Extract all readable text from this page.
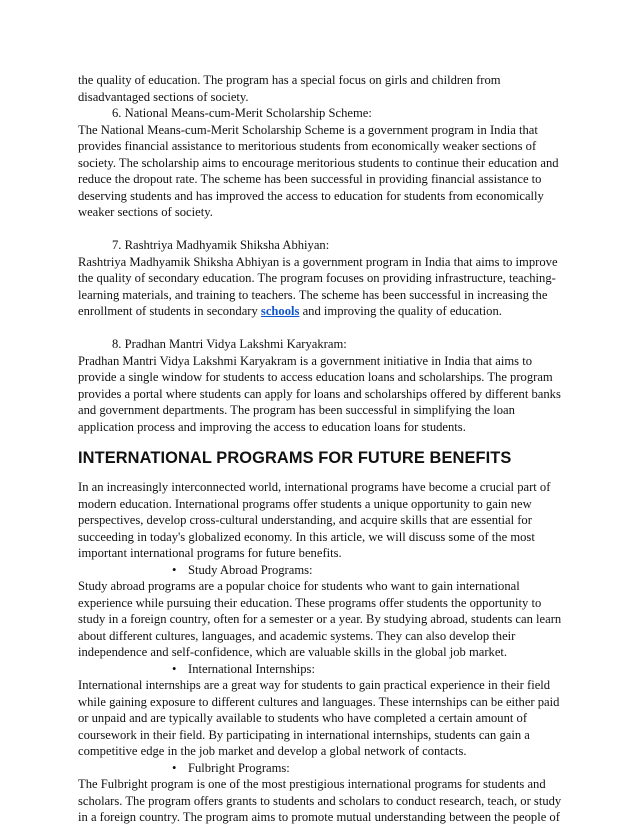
the quality of education. The program has a special focus on girls and children from

disadvantaged sections of society.

6. National Means-cum-Merit Scholarship Scheme:

The National Means-cum-Merit Scholarship Scheme is a government program in India that

provides financial assistance to meritorious students from economically weaker sections of

society. The scholarship aims to encourage meritorious students to continue their education and

reduce the dropout rate. The scheme has been successful in providing financial assistance to

deserving students and has improved the access to education for students from economically

weaker sections of society.

7. Rashtriya Madhyamik Shiksha Abhiyan:

Rashtriya Madhyamik Shiksha Abhiyan is a government program in India that aims to improve

the quality of secondary education. The program focuses on providing infrastructure, teaching-

learning materials, and training to teachers. The scheme has been successful in increasing the

enrollment of students in secondary schools and improving the quality of education.

8. Pradhan Mantri Vidya Lakshmi Karyakram:

Pradhan Mantri Vidya Lakshmi Karyakram is a government initiative in India that aims to

provide a single window for students to access education loans and scholarships. The program

provides a portal where students can apply for loans and scholarships offered by different banks

and government departments. The program has been successful in simplifying the loan

application process and improving the access to education loans for students.

INTERNATIONAL PROGRAMS FOR FUTURE BENEFITS

In an increasingly interconnected world, international programs have become a crucial part of

modern education. International programs offer students a unique opportunity to gain new

perspectives, develop cross-cultural understanding, and acquire skills that are essential for

succeeding in today's globalized economy. In this article, we will discuss some of the most

important international programs for future benefits.

• Study Abroad Programs:

Study abroad programs are a popular choice for students who want to gain international

experience while pursuing their education. These programs offer students the opportunity to

study in a foreign country, often for a semester or a year. By studying abroad, students can learn

about different cultures, languages, and academic systems. They can also develop their

independence and self-confidence, which are valuable skills in the global job market.

• International Internships:

International internships are a great way for students to gain practical experience in their field

while gaining exposure to different cultures and languages. These internships can be either paid

or unpaid and are typically available to students who have completed a certain amount of

coursework in their field. By participating in international internships, students can gain a

competitive edge in the job market and develop a global network of contacts.

• Fulbright Programs:

The Fulbright program is one of the most prestigious international programs for students and

scholars. The program offers grants to students and scholars to conduct research, teach, or study

in a foreign country. The program aims to promote mutual understanding between the people of
